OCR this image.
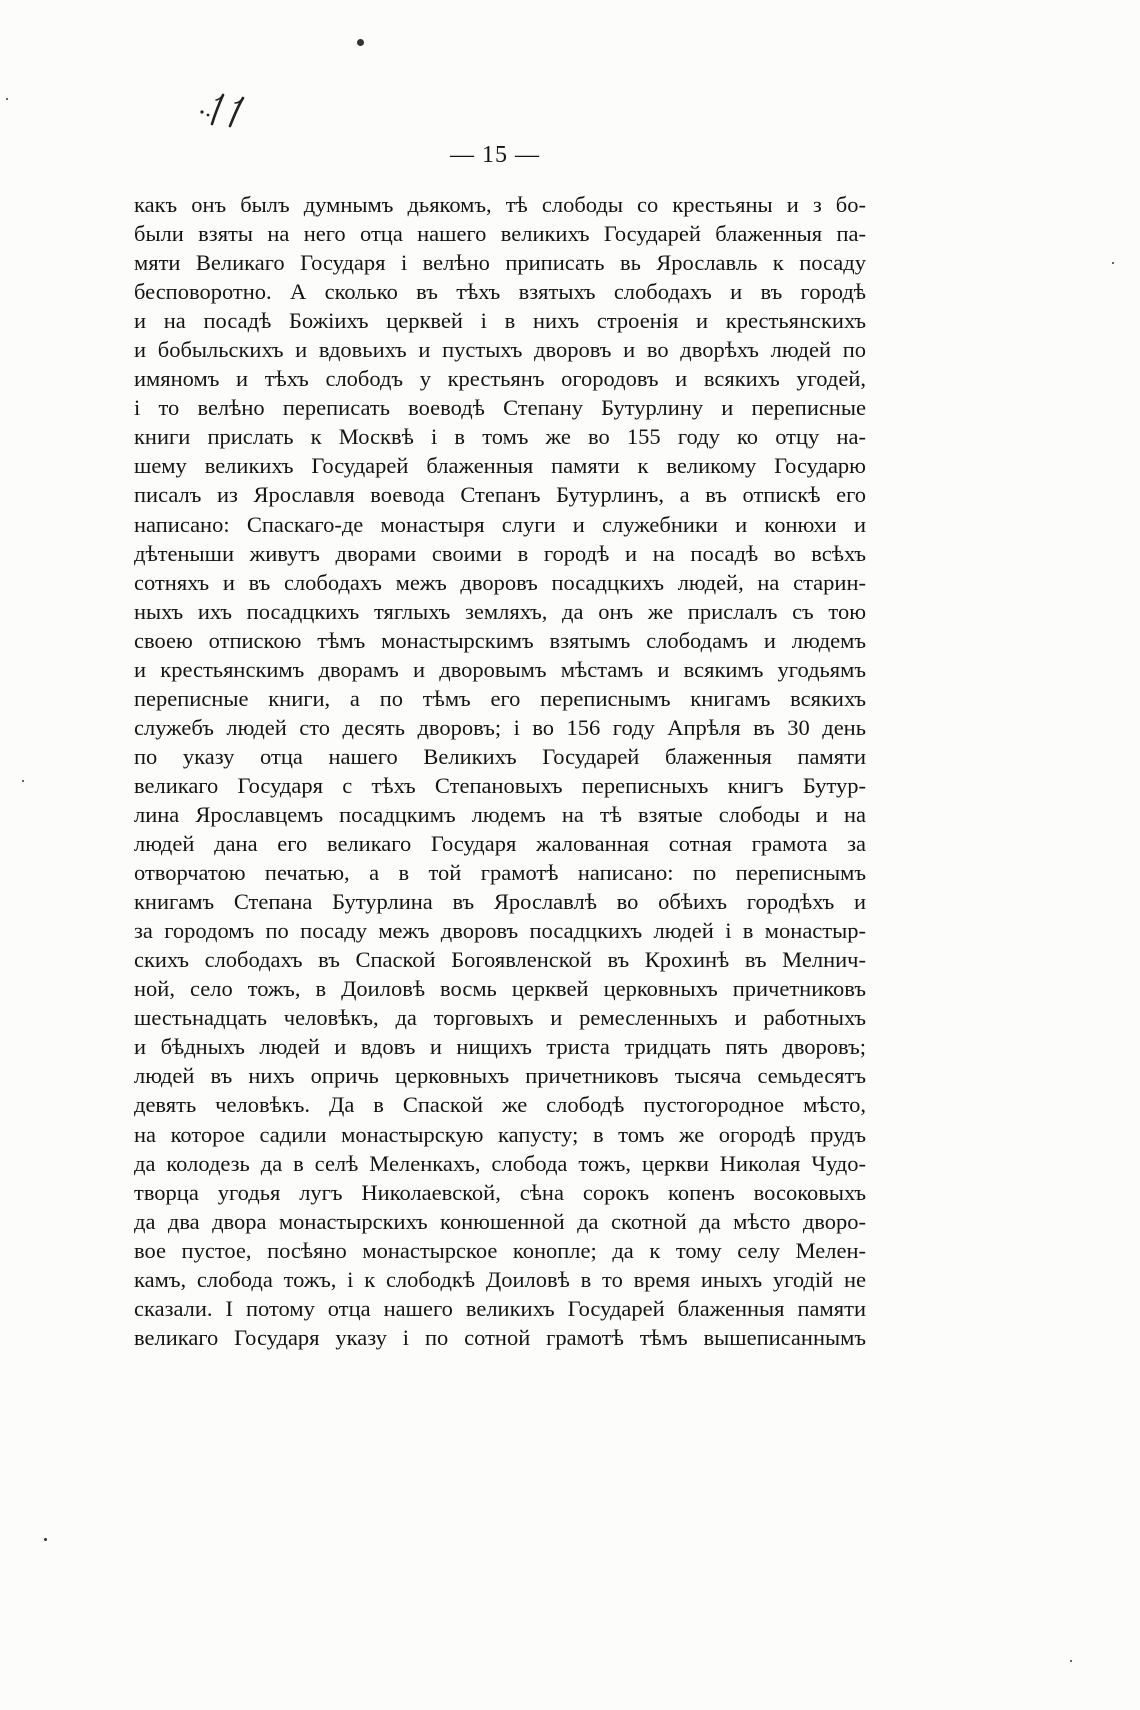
— 15 —
какъ онъ былъ думнымъ дьякомъ, тѣ слободы со крестьяны и з бо-
были взяты на него отца нашего великихъ Государей блаженныя па-
мяти Великаго Государя і велѣно приписать вь Ярославль к посаду
бесповоротно. А сколько въ тѣхъ взятыхъ слободахъ и въ городѣ
и на посадѣ Божіихъ церквей і в нихъ строенія и крестьянскихъ
и бобыльскихъ и вдовьихъ и пустыхъ дворовъ и во дворѣхъ людей по
имяномъ и тѣхъ слободъ у крестьянъ огородовъ и всякихъ угодей,
і то велѣно переписать воеводѣ Степану Бутурлину и переписные
книги прислать к Москвѣ і в томъ же во 155 году ко отцу на-
шему великихъ Государей блаженныя памяти к великому Государю
писалъ из Ярославля воевода Степанъ Бутурлинъ, а въ отпискѣ его
написано: Спаскаго-де монастыря слуги и служебники и конюхи и
дѣтеныши живутъ дворами своими в городѣ и на посадѣ во всѣхъ
сотняхъ и въ слободахъ межъ дворовъ посадцкихъ людей, на старин-
ныхъ ихъ посадцкихъ тяглыхъ земляхъ, да онъ же прислалъ съ тою
своею отпискою тѣмъ монастырскимъ взятымъ слободамъ и людемъ
и крестьянскимъ дворамъ и дворовымъ мѣстамъ и всякимъ угодьямъ
переписные книги, а по тѣмъ его переписнымъ книгамъ всякихъ
служебъ людей сто десять дворовъ; і во 156 году Апрѣля въ 30 день
по указу отца нашего Великихъ Государей блаженныя памяти
великаго Государя с тѣхъ Степановыхъ переписныхъ книгъ Бутур-
лина Ярославцемъ посадцкимъ людемъ на тѣ взятые слободы и на
людей дана его великаго Государя жалованная сотная грамота за
отворчатою печатью, а в той грамотѣ написано: по переписнымъ
книгамъ Степана Бутурлина въ Ярославлѣ во обѣихъ городѣхъ и
за городомъ по посаду межъ дворовъ посадцкихъ людей і в монастыр-
скихъ слободахъ въ Спаской Богоявленской въ Крохинѣ въ Мелнич-
ной, село тожъ, в Доиловѣ восмь церквей церковныхъ причетниковъ
шестьнадцать человѣкъ, да торговыхъ и ремесленныхъ и работныхъ
и бѣдныхъ людей и вдовъ и нищихъ триста тридцать пять дворовъ;
людей въ нихъ опричь церковныхъ причетниковъ тысяча семьдесятъ
девять человѣкъ. Да в Спаской же слободѣ пустогородное мѣсто,
на которое садили монастырскую капусту; в томъ же огородѣ прудъ
да колодезь да в селѣ Меленкахъ, слобода тожъ, церкви Николая Чудо-
творца угодья лугъ Николаевской, сѣна сорокъ копенъ восоковыхъ
да два двора монастырскихъ конюшенной да скотной да мѣсто дворо-
вое пустое, посѣяно монастырское конопле; да к тому селу Мелен-
камъ, слобода тожъ, і к слободкѣ Доиловѣ в то время иныхъ угодій не
сказали. I потому отца нашего великихъ Государей блаженныя памяти
великаго Государя указу і по сотной грамотѣ тѣмъ вышеписаннымъ
